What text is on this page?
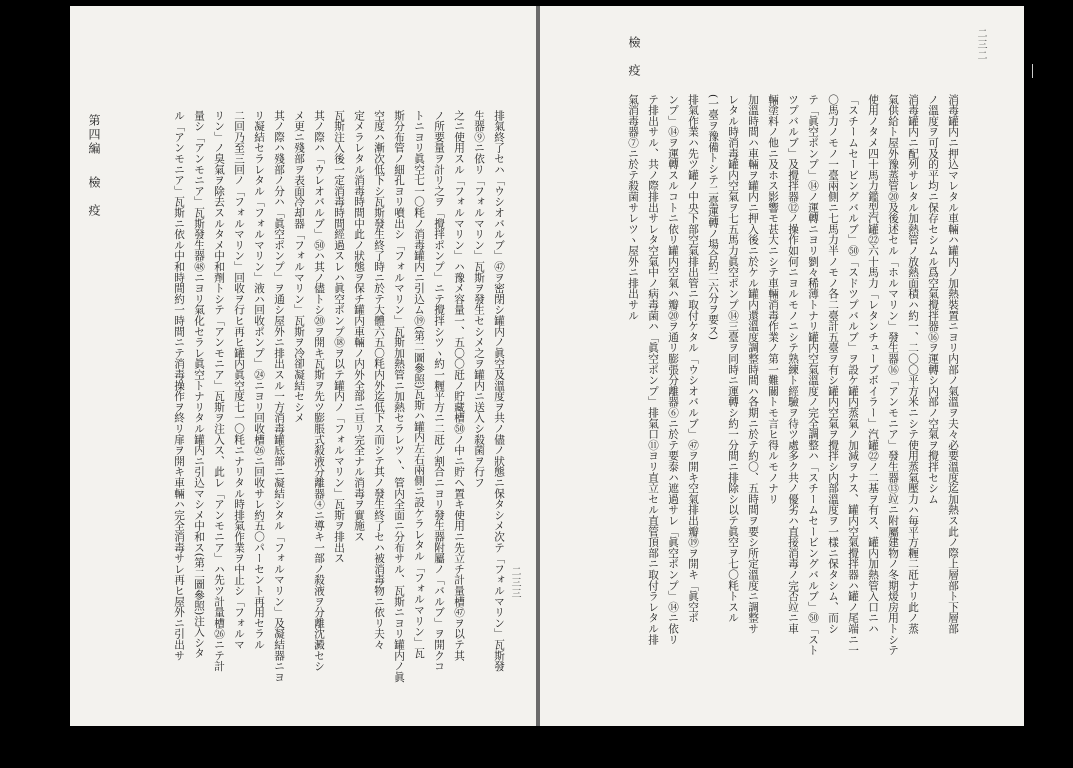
排氣終了セハ「ウシオバルブ」㊼ヲ密閉シ罐内ノ眞空及溫度ヲ共ノ儘ノ狀態ニ保タシメ次テ「フォルマリン」瓦斯發
生器⑨ニ依リ「フォルマリン」瓦斯ヲ發生セシメ之ヲ罐内ニ送入シ殺菌ヲ行フ
之ニ使用スル「フォルマリン」ハ豫メ容量一、五〇〇瓩ノ貯藏槽㊿ノ中ニ貯ヘ置キ使用ニ先立チ計量槽㊼ヲ以テ其
ノ所要量ヲ計リ之ヲ「攪拌ポンプ」ニテ攪拌シツヽ約一糎平方ニ二瓩ノ割合ニヨリ發生器附屬ノ「バルブ」ヲ開クコ
トニヨリ眞空七一〇粍ノ消毒罐内ニ引込ム⑲(第二圖參照)瓦斯ハ罐内左右兩側ニ設ケラレタル「フォルマリン」瓦
斯分布管ノ細孔ヨリ噴出シ「フォルマリン」瓦斯加熱管ニ加熱セラレツヽ、管内全面ニ分布サル、瓦斯ニヨリ罐内ノ眞
空度ハ漸次低下シ瓦斯發生終了時ニ於テ大體六五〇粍内外迄低下ス而シテ其ノ發生終了セハ被消毒物ニ依リ夫々
定メラレタル消毒時間中此ノ狀態ヲ保チ罐内車輛ノ内外全部ニ亘リ完全ナル消毒ヲ實施ス
瓦斯注入後一定消毒時間經過スレハ眞空ポンプ⑱ヲ以テ罐内ノ「フォルマリン」瓦斯ヲ排出ス
其ノ際ハ「ウレオバルブ」㊿ハ其ノ儘トシ⑳ヲ開キ瓦斯ヲ先ツ膨脹式殺液分離器④ニ導キ一部ノ殺液ヲ分離沈澱セシ
メ更ニ殘部ヲ表面冷却器「フォルマリン」瓦斯ヲ冷卻凝結セシメ
其ノ際ハ殘部ノ分ハ「眞空ポンプ」ヲ通シ屋外ニ排出スル一方消毒罐底部ニ凝結シタル「フォルマリン」及凝結器ニヨ
リ凝結セラレタル「フォルマリン」液ハ回收ポンプ」㉔ニヨリ回收槽㉖ニ回收サレ約五〇パーセント再用セラル
二回乃至三回ノ「フォルマリン」回收ヲ行ヒ再ヒ罐内眞空度七一〇粍ニナリタル時排氣作業ヲ中止シ「フォルマ
リン」ノ臭氣ヲ除去スルタメ中和劑トシテ「アンモニア」瓦斯ヲ注入ス、此レ「アンモニア」ハ先ツ計量槽㉖ニテ計
量シ「アンモニア」瓦斯發生器㊽ニヨリ氣化セラレ眞空トナリタル罐内ニ引込マシメ中和ス(第二圖參照)注入シタ
ル「アンモニア」瓦斯ニ依ル中和時間約一時間ニテ消毒操作ヲ終リ扉ヲ開キ車輛ハ完全消毒サレ再ヒ屋外ニ引出サ	二三三
第四編
檢　疫	消毒罐内ニ押込マレタル車輛ハ罐内ノ加熱裝置ニヨリ内部ノ氣溫ヲ夫々必要溫度迄加熱ス此ノ際上層部ト下層部
ノ溫度ヲ可及的平均ニ保存セシムル爲空氣攪拌器⑯ヲ運轉シ内部ノ空氣ヲ攪拌セシム
消毒罐内ニ配列サレタル加熱管ノ放熱面積ハ約一、二〇〇平方米ニシテ使用蒸氣壓力ハ毎平方糎二瓩ナリ此ノ蒸
氣供給ト屋外豫蒸管⑳及後述セル「ホルマリン」發生器⑯「アンモニア」發生器⑬竝ニ附屬建物ノ冬期煖房用トシテ
使用ノタメ四十馬力鑑型汽罐㉒六十馬力「レタンチューブボイラー」汽罐㉒ノ二基ヲ有ス、罐内加熱管入口ニハ
「スチームセービングバルブ」㊿「スドツプバルブ」ヲ設ケ罐内蒸氣ノ加減ヲナス、罐内空氣攪拌器ハ罐ノ尾端ニ一
〇馬力ノモノ一臺兩側ニ七馬力半ノモノ各二臺計五臺ヲ有シ罐内空氣ヲ攪拌シ内部溫度ヲ一樣ニ保タシム、而シ
テ「眞空ポンプ」⑭ノ運轉ニヨリ劉々稀薄トナリ罐内空氣溫度ノ完全調整ハ「スチームセービングバルブ」㊿「スト
ツプバルブ」及攪拌器⑫ノ操作如何ニヨルモノニシテ熟練ト經驗ヲ待ツ處多ク共ノ優劣ハ直接消毒ノ完否竝ニ車
輛塗料ノ他ニ及ホス影響モ甚大ニシテ車輛消毒作業ノ第一難關トモ言ヒ得ルモノナリ
加溫時間ハ車輛ヲ罐内ニ押入後ニ於ケル罐内還溫度調整時間ハ各期ニ於テ約〇、五時間ヲ要シ所定溫度ニ調整サ
レタル時消毒罐内空氣ヲ七五馬力眞空ポンプ⑭三臺ヲ同時ニ運轉シ約一分間ニ排除シ以テ眞空ヲ七〇粍トスル
(一臺ヲ豫備トシテ二臺運轉ノ場合約二六分ヲ要ス)
排氣作業ハ先ツ罐ノ中央下部空氣排出管ニ取付ケタル「ウシオバルブ」㊼ヲ開キ空氣排出瓣⑲ヲ開キ「眞空ポ
ンプ」⑭ヲ運轉スルコトニ依リ罐内空氣ハ瓣⑳ヲ通リ膨張分離器⑥ニ於テ要泰ハ遮過サレ「眞空ポンプ」⑭ニ依リ
テ排出サル、共ノ際排出サレタ空氣中ノ病毒菌ハ「眞空ポンプ」排氣口⑪ヨリ直立セル直管頂部ニ取付ラレタル排
氣消毒器⑦ニ於テ殺菌サレツヽ屋外ニ排出サル
二三二
檢　疫
